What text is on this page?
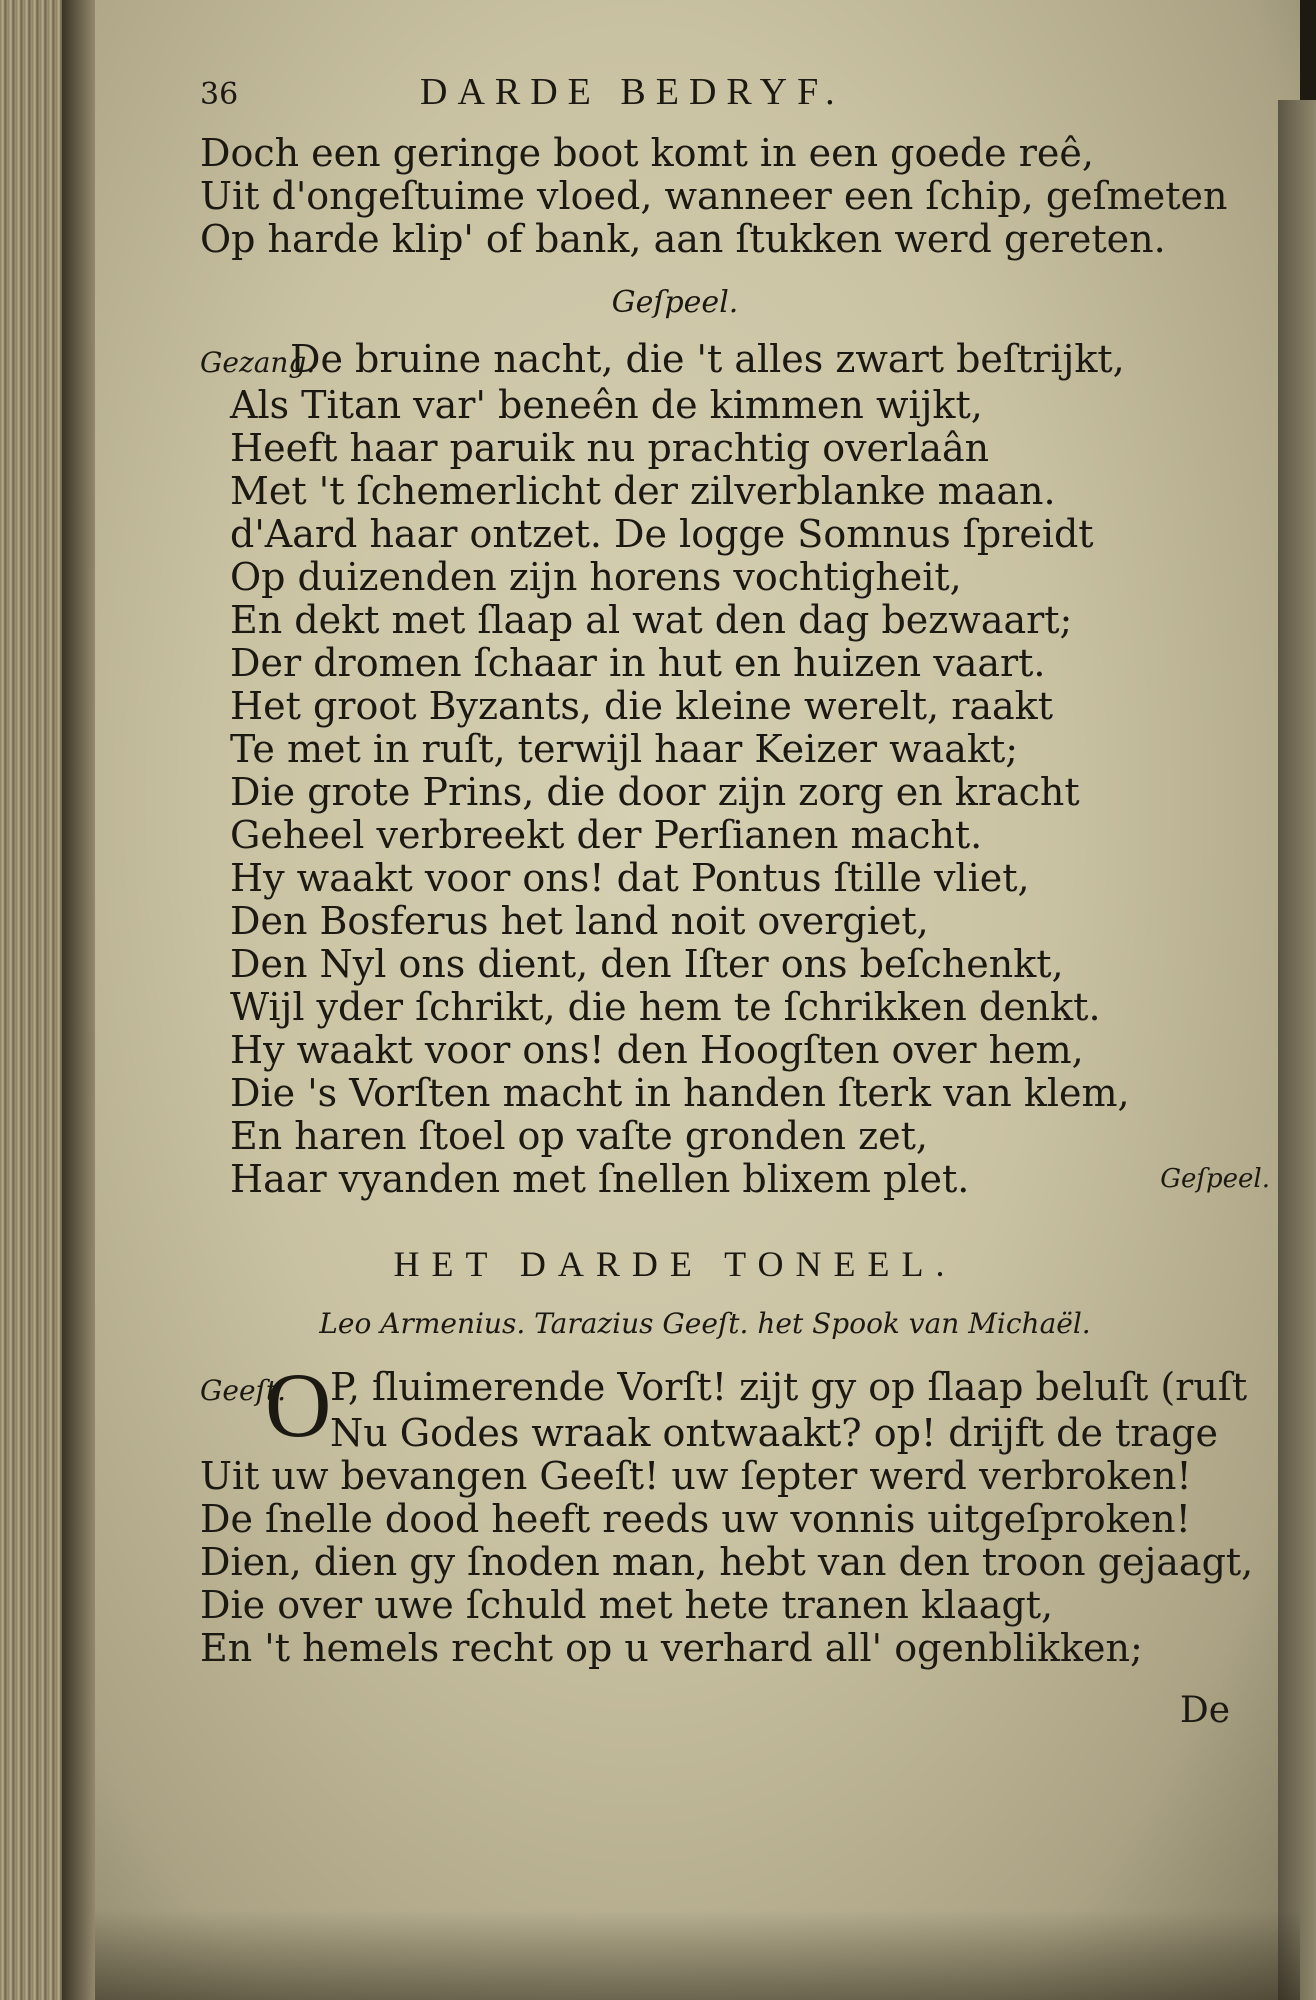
36	DARDE BEDRYF.
Doch een geringe boot komt in een goede reê,
Uit d'ongeſtuime vloed, wanneer een ſchip, geſmeten
Op harde klip' of bank, aan ſtukken werd gereten.
Geſpeel.
Gezang.
De bruine nacht, die 't alles zwart beſtrijkt,
Als Titan var' beneên de kimmen wijkt,
Heeft haar paruik nu prachtig overlaân
Met 't ſchemerlicht der zilverblanke maan.
d'Aard haar ontzet. De logge Somnus ſpreidt
Op duizenden zijn horens vochtigheit,
En dekt met ſlaap al wat den dag bezwaart;
Der dromen ſchaar in hut en huizen vaart.
Het groot Byzants, die kleine werelt, raakt
Te met in ruſt, terwijl haar Keizer waakt;
Die grote Prins, die door zijn zorg en kracht
Geheel verbreekt der Perſianen macht.
Hy waakt voor ons! dat Pontus ſtille vliet,
Den Bosferus het land noit overgiet,
Den Nyl ons dient, den Iſter ons beſchenkt,
Wijl yder ſchrikt, die hem te ſchrikken denkt.
Hy waakt voor ons! den Hoogſten over hem,
Die 's Vorſten macht in handen ſterk van klem,
En haren ſtoel op vaſte gronden zet,
Haar vyanden met ſnellen blixem plet.	Geſpeel.
HET DARDE TONEEL.
Leo Armenius. Tarazius Geeſt. het Spook van Michaël.
O
Geeſt.	P, ſluimerende Vorſt! zijt gy op ſlaap beluſt (ruſt
Nu Godes wraak ontwaakt? op! drijft de trage
Uit uw bevangen Geeſt! uw ſepter werd verbroken!
De ſnelle dood heeft reeds uw vonnis uitgeſproken!
Dien, dien gy ſnoden man, hebt van den troon gejaagt,
Die over uwe ſchuld met hete tranen klaagt,
En 't hemels recht op u verhard all' ogenblikken;
De
